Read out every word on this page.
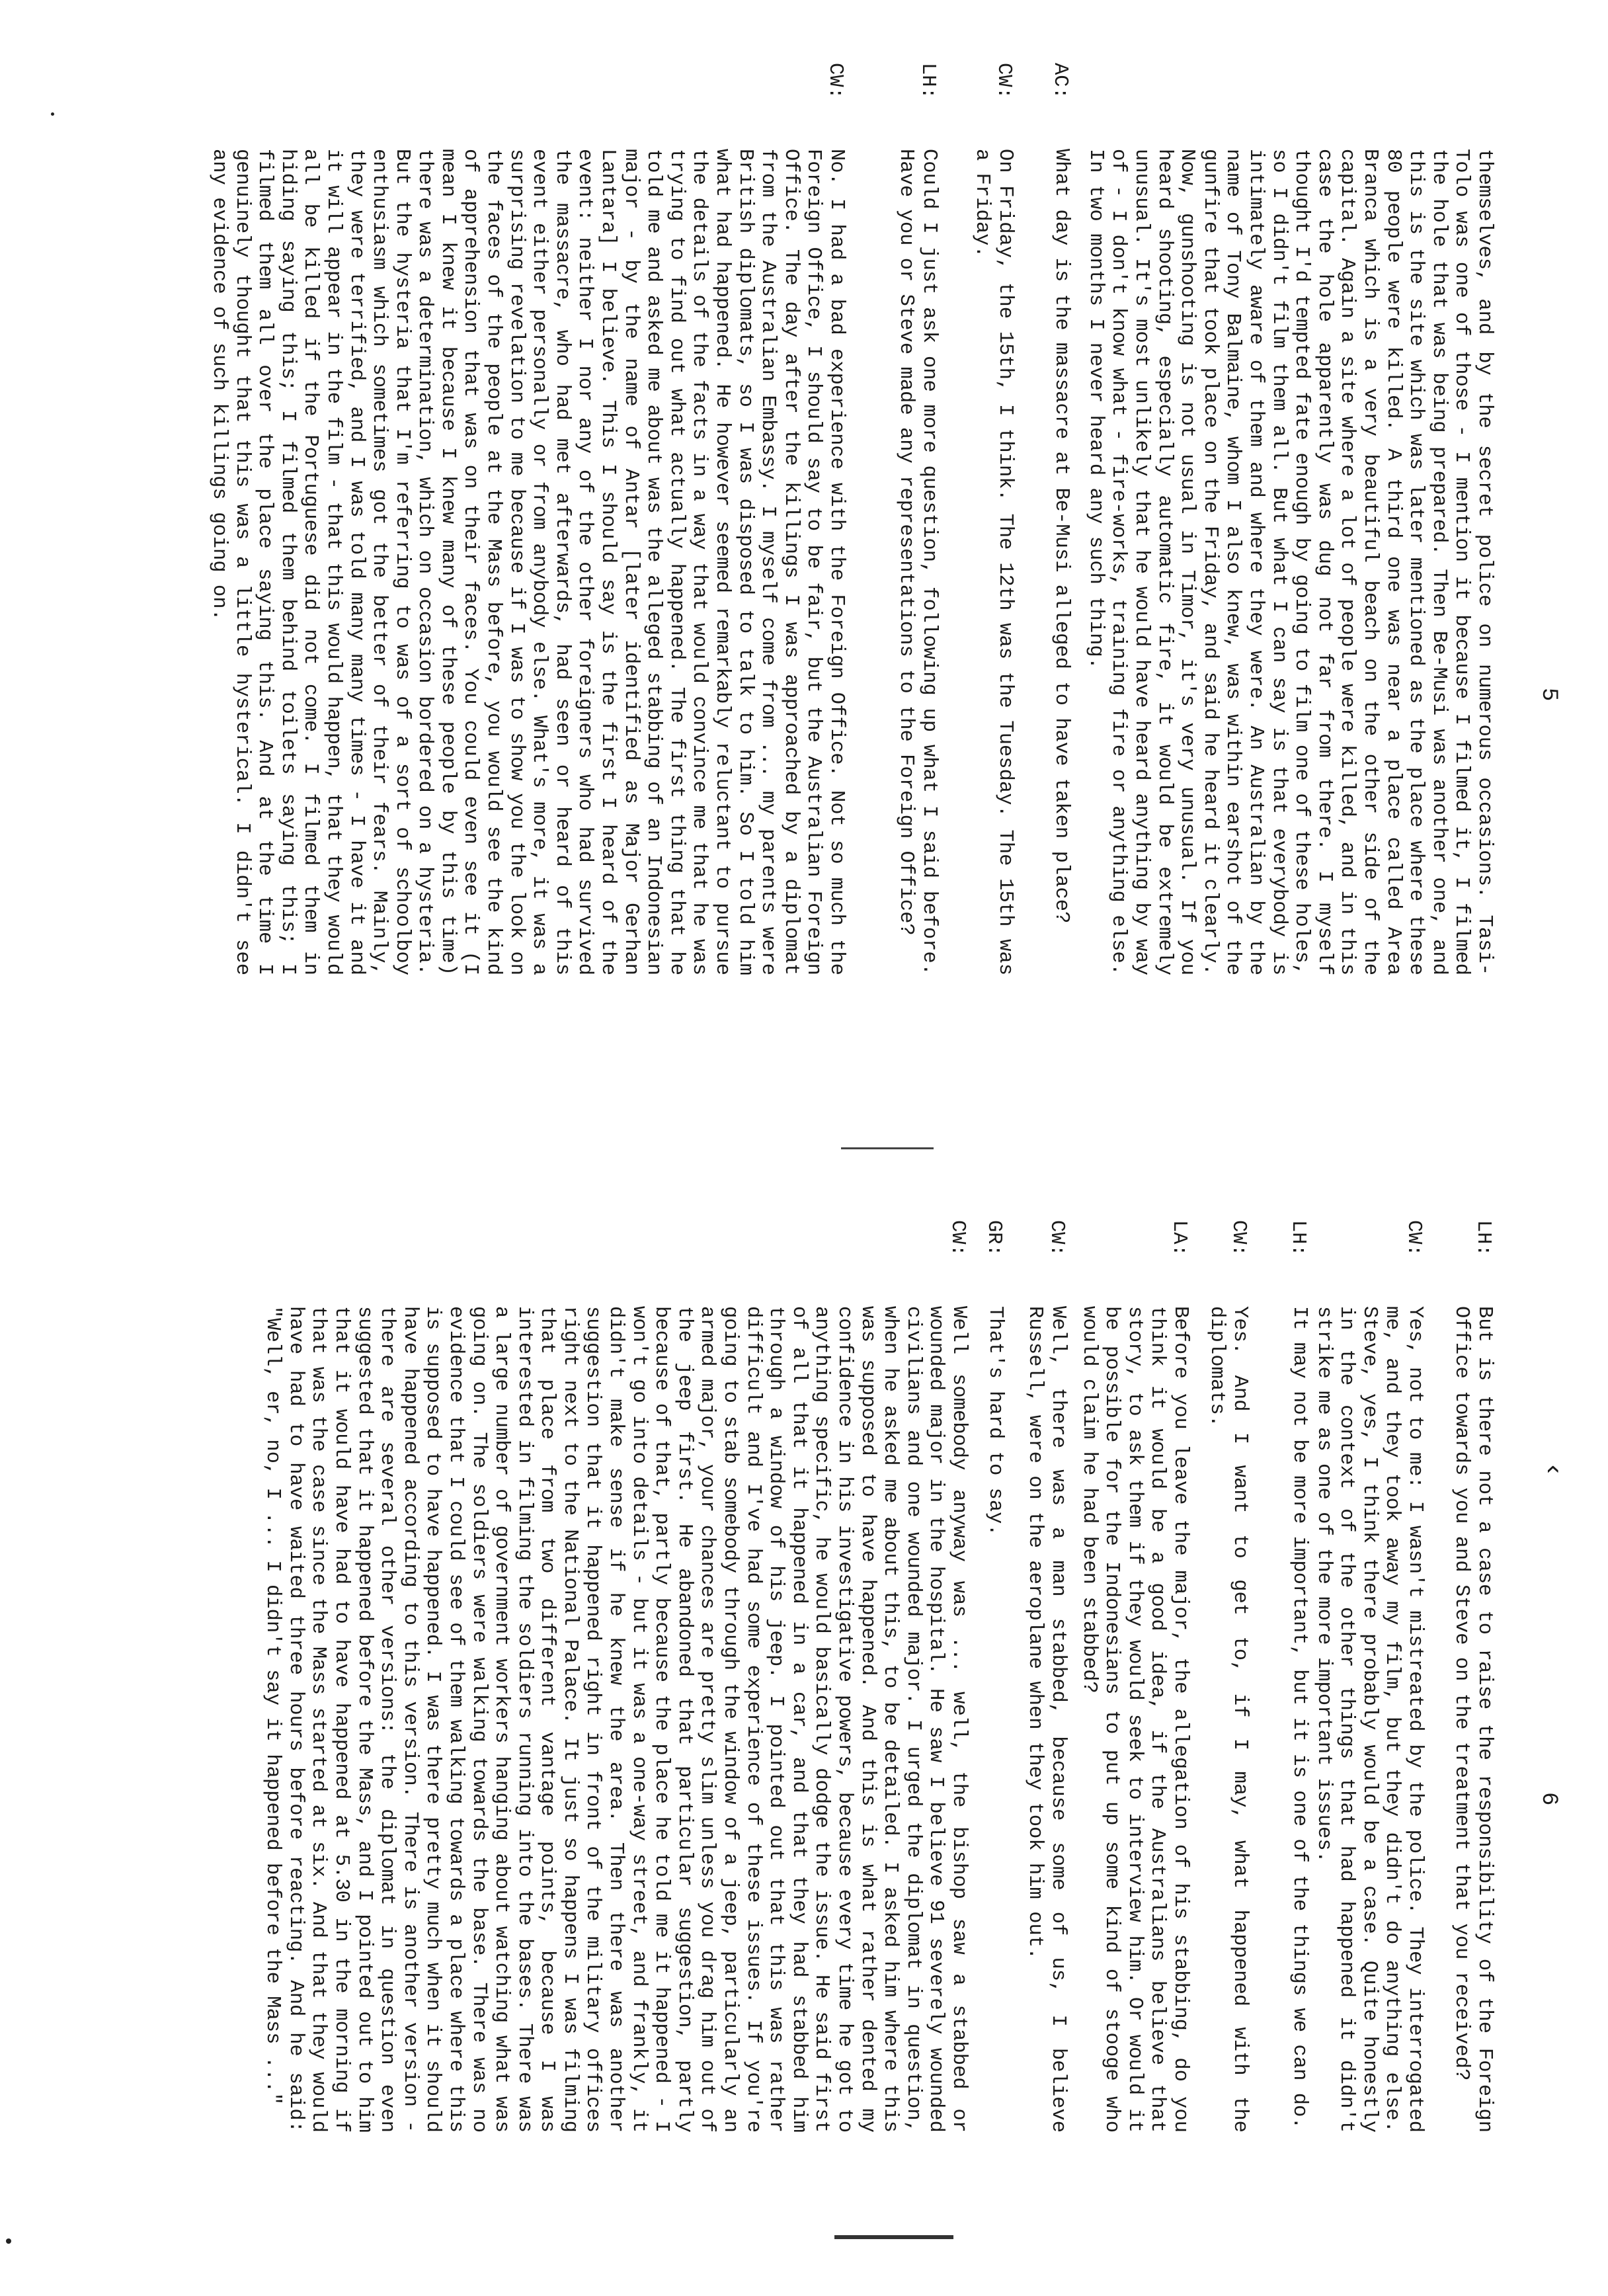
5
themselves, and by the secret police on numerous occasions. Tasi-Tolo was one of those - I mention it because I filmed it, I filmed the hole that was being prepared. Then Be-Musi was another one, and this is the site which was later mentioned as the place where these 80 people were killed. A third one was near a place called Area Branca which is a very beautiful beach on the other side of the capital. Again a site where a lot of people were killed, and in this case the hole apparently was dug not far from there. I myself thought I'd tempted fate enough by going to film one of these holes, so I didn't film them all. But what I can say is that everybody is intimately aware of them and where they were. An Australian by the name of Tony Balmaine, whom I also knew, was within earshot of the gunfire that took place on the Friday, and said he heard it clearly. Now, gunshooting is not usual in Timor, it's very unusual. If you heard shooting, especially automatic fire, it would be extremely unusual. It's most unlikely that he would have heard anything by way of - I don't know what - fire-works, training fire or anything else. In two months I never heard any such thing.
AC:
What day is the massacre at Be-Musi alleged to have taken place?
CW:
On Friday, the 15th, I think. The 12th was the Tuesday. The 15th was a Friday.
LH:
Could I just ask one more question, following up what I said before. Have you or Steve made any representations to the Foreign Office?
CW:
No. I had a bad experience with the Foreign Office. Not so much the Foreign Office, I should say to be fair, but the Australian Foreign Office. The day after the killings I was approached by a diplomat from the Australian Embassy. I myself come from ... my parents were British diplomats, so I was disposed to talk to him. So I told him what had happened. He however seemed remarkably reluctant to pursue the details of the facts in a way that would convince me that he was trying to find out what actually happened. The first thing that he told me and asked me about was the alleged stabbing of an Indonesian major - by the name of Antar [later identified as Major Gerhan Lantara] I believe. This I should say is the first I heard of the event: neither I nor any of the other foreigners who had survived the massacre, who had met afterwards, had seen or heard of this event either personally or from anybody else. What's more, it was a surprising revelation to me because if I was to show you the look on the faces of the people at the Mass before, you would see the kind of apprehension that was on their faces. You could even see it (I mean I knew it because I knew many of these people by this time) there was a determination, which on occasion bordered on a hysteria. But the hysteria that I'm referring to was of a sort of schoolboy enthusiasm which sometimes got the better of their fears. Mainly, they were terrified, and I was told many many times - I have it and it will appear in the film - that this would happen, that they would all be killed if the Portuguese did not come. I filmed them in hiding saying this; I filmed them behind toilets saying this; I filmed them all over the place saying this. And at the time I genuinely thought that this was a little hysterical. I didn't see any evidence of such killings going on.
6
LH:
But is there not a case to raise the responsibility of the Foreign Office towards you and Steve on the treatment that you received?
CW:
Yes, not to me: I wasn't mistreated by the police. They interrogated me, and they took away my film, but they didn't do anything else. Steve, yes, I think there probably would be a case. Quite honestly in the context of the other things that had happened it didn't strike me as one of the more important issues.
LH:
It may not be more important, but it is one of the things we can do.
CW:
Yes. And I want to get to, if I may, what happened with the diplomats.
LA:
Before you leave the major, the allegation of his stabbing, do you think it would be a good idea, if the Australians believe that story, to ask them if they would seek to interview him. Or would it be possible for the Indonesians to put up some kind of stooge who would claim he had been stabbed?
CW:
Well, there was a man stabbed, because some of us, I believe Russell, were on the aeroplane when they took him out.
GR:
That's hard to say.
CW:
Well somebody anyway was ... well, the bishop saw a stabbed or wounded major in the hospital. He saw I believe 91 severely wounded civilians and one wounded major. I urged the diplomat in question, when he asked me about this, to be detailed. I asked him where this was supposed to have happened. And this is what rather dented my confidence in his investigative powers, because every time he got to anything specific, he would basically dodge the issue. He said first of all that it happened in a car, and that they had stabbed him through a window of his jeep. I pointed out that this was rather difficult and I've had some experience of these issues. If you're going to stab somebody through the window of a jeep, particularly an armed major, your chances are pretty slim unless you drag him out of the jeep first. He abandoned that particular suggestion, partly because of that, partly because the place he told me it happened - I won't go into details - but it was a one-way street, and frankly, it didn't make sense if he knew the area. Then there was another suggestion that it happened right in front of the military offices right next to the National Palace. It just so happens I was filming that place from two different vantage points, because I was interested in filming the soldiers running into the bases. There was a large number of government workers hanging about watching what was going on. The soldiers were walking towards the base. There was no evidence that I could see of them walking towards a place where this is supposed to have happened. I was there pretty much when it should have happened according to this version. There is another version - there are several other versions: the diplomat in question even suggested that it happened before the Mass, and I pointed out to him that it would have had to have happened at 5.30 in the morning if that was the case since the Mass started at six. And that they would have had to have waited three hours before reacting. And he said: "Well, er, no, I ... I didn't say it happened before the Mass ..."	‹
